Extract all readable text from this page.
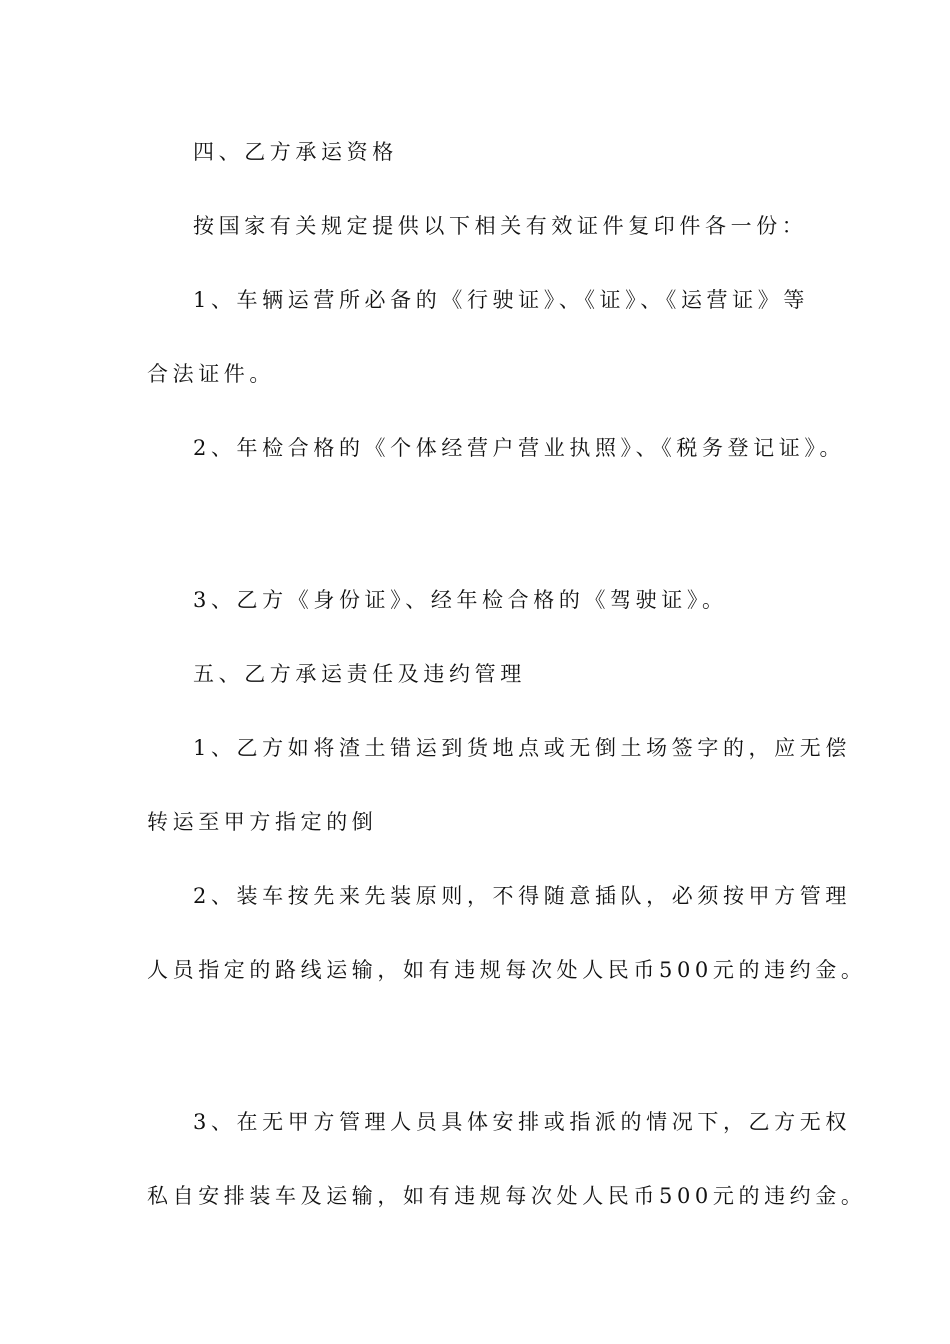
四、乙方承运资格

按国家有关规定提供以下相关有效证件复印件各一份：

1、车辆运营所必备的《行驶证》、《证》、《运营证》等

合法证件。

2、年检合格的《个体经营户营业执照》、《税务登记证》。

3、乙方《身份证》、经年检合格的《驾驶证》。

五、乙方承运责任及违约管理

1、乙方如将渣土错运到货地点或无倒土场签字的，应无偿

转运至甲方指定的倒

2、装车按先来先装原则，不得随意插队，必须按甲方管理

人员指定的路线运输，如有违规每次处人民币500元的违约金。

3、在无甲方管理人员具体安排或指派的情况下，乙方无权

私自安排装车及运输，如有违规每次处人民币500元的违约金。
